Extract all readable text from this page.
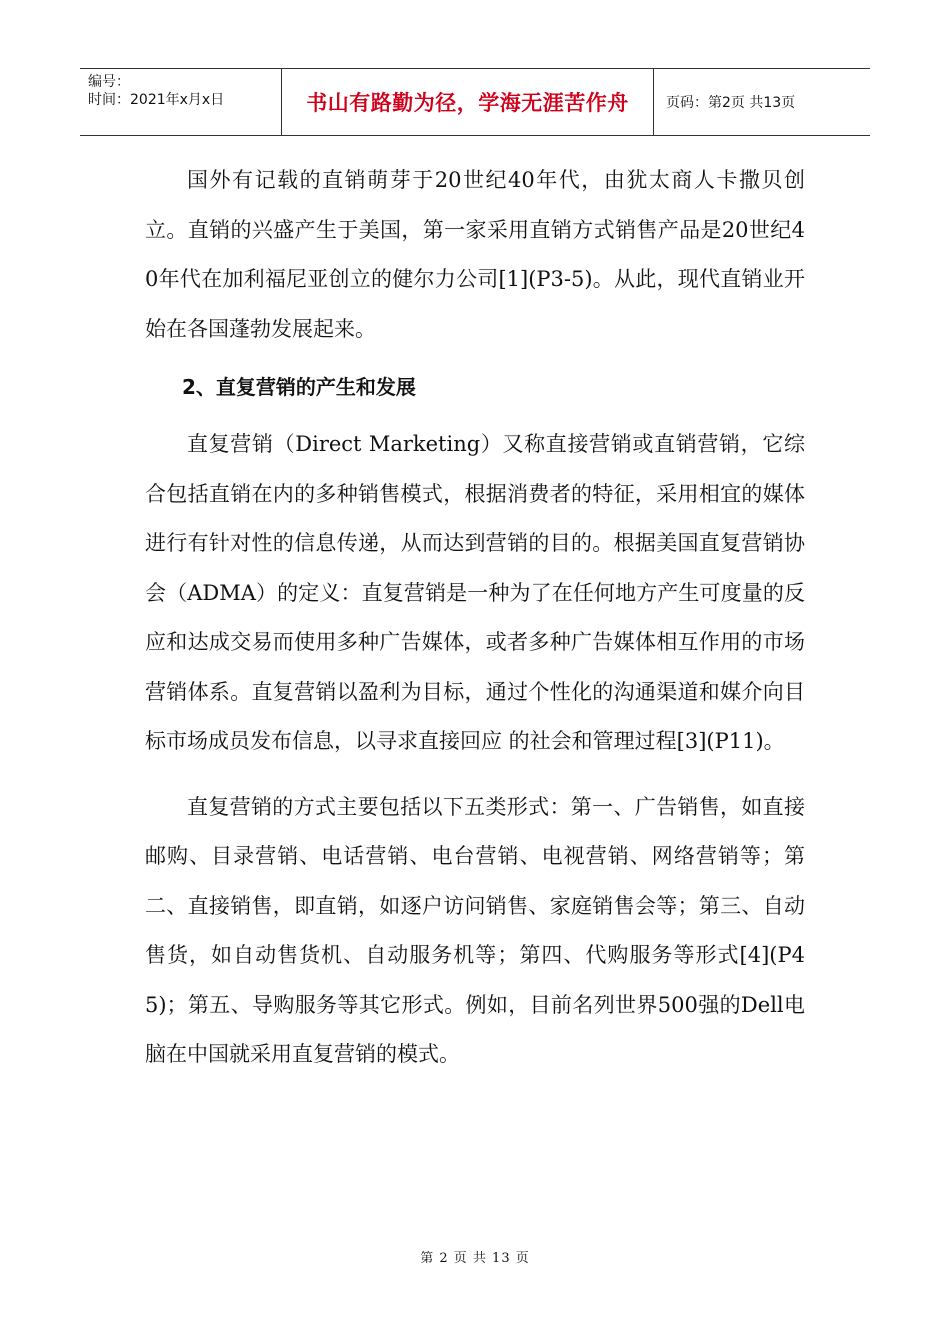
编号：
时间：2021年x月x日	书山有路勤为径，学海无涯苦作舟	页码：第2页 共13页

国外有记载的直销萌芽于20世纪40年代，由犹太商人卡撒贝创立。直销的兴盛产生于美国，第一家采用直销方式销售产品是20世纪40年代在加利福尼亚创立的健尔力公司[1](P3-5)。从此，现代直销业开始在各国蓬勃发展起来。

2、直复营销的产生和发展

直复营销（Direct Marketing）又称直接营销或直销营销，它综合包括直销在内的多种销售模式，根据消费者的特征，采用相宜的媒体进行有针对性的信息传递，从而达到营销的目的。根据美国直复营销协会（ADMA）的定义：直复营销是一种为了在任何地方产生可度量的反应和达成交易而使用多种广告媒体，或者多种广告媒体相互作用的市场营销体系。直复营销以盈利为目标，通过个性化的沟通渠道和媒介向目标市场成员发布信息，以寻求直接回应 的社会和管理过程[3](P11)。

直复营销的方式主要包括以下五类形式：第一、广告销售，如直接邮购、目录营销、电话营销、电台营销、电视营销、网络营销等；第二、直接销售，即直销，如逐户访问销售、家庭销售会等；第三、自动售货，如自动售货机、自动服务机等；第四、代购服务等形式[4](P45)；第五、导购服务等其它形式。例如，目前名列世界500强的Dell电脑在中国就采用直复营销的模式。

第 2 页 共 13 页
